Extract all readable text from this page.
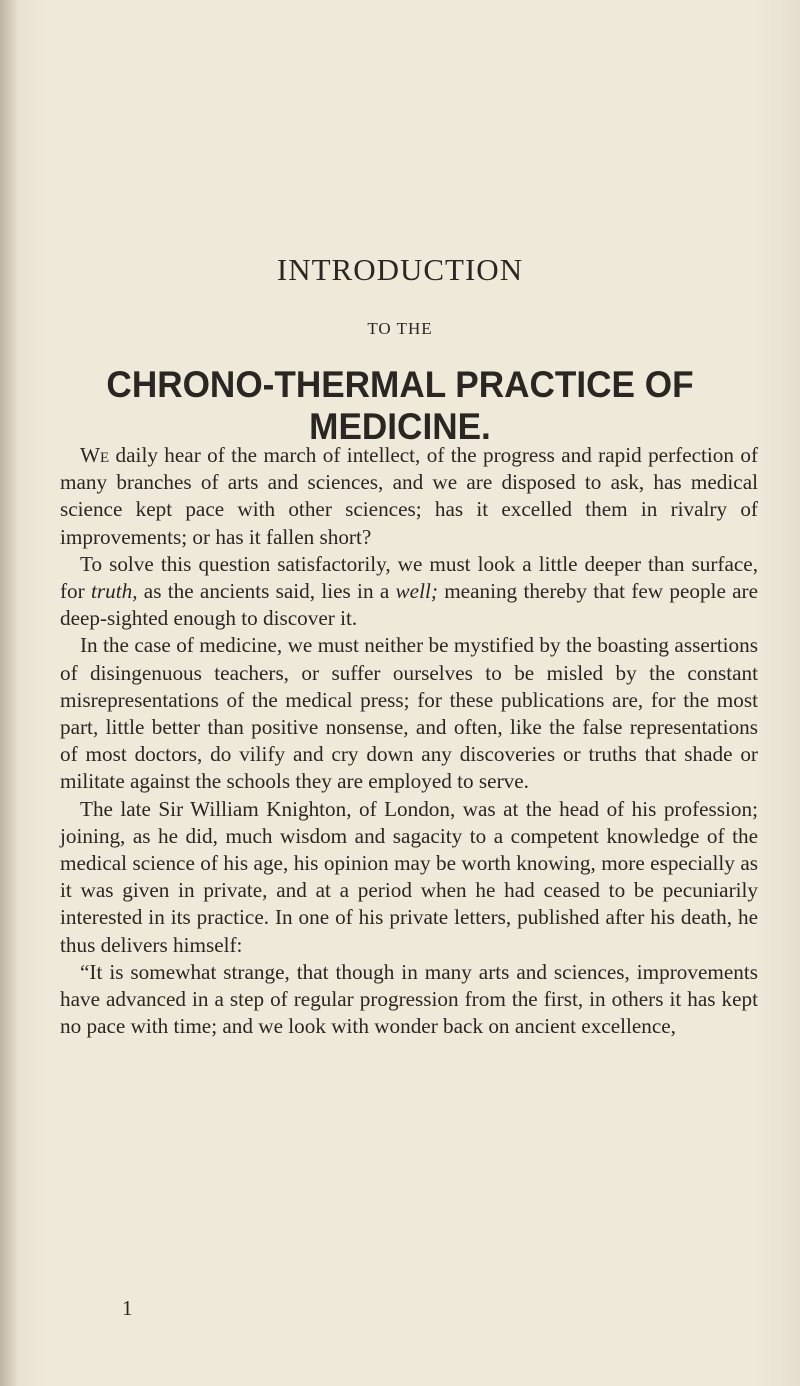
INTRODUCTION
TO THE
CHRONO-THERMAL PRACTICE OF MEDICINE.

We daily hear of the march of intellect, of the progress and rapid perfection of many branches of arts and sciences, and we are disposed to ask, has medical science kept pace with other sciences; has it excelled them in rivalry of improvements; or has it fallen short?

To solve this question satisfactorily, we must look a little deeper than surface, for truth, as the ancients said, lies in a well; meaning thereby that few people are deep-sighted enough to discover it.

In the case of medicine, we must neither be mystified by the boasting assertions of disingenuous teachers, or suffer ourselves to be misled by the constant misrepresentations of the medical press; for these publications are, for the most part, little better than positive nonsense, and often, like the false representations of most doctors, do vilify and cry down any discoveries or truths that shade or militate against the schools they are employed to serve.

The late Sir William Knighton, of London, was at the head of his profession; joining, as he did, much wisdom and sagacity to a competent knowledge of the medical science of his age, his opinion may be worth knowing, more especially as it was given in private, and at a period when he had ceased to be pecuniarily interested in its practice. In one of his private letters, published after his death, he thus delivers himself:

“It is somewhat strange, that though in many arts and sciences, improvements have advanced in a step of regular progression from the first, in others it has kept no pace with time; and we look with wonder back on ancient excellence,

1
